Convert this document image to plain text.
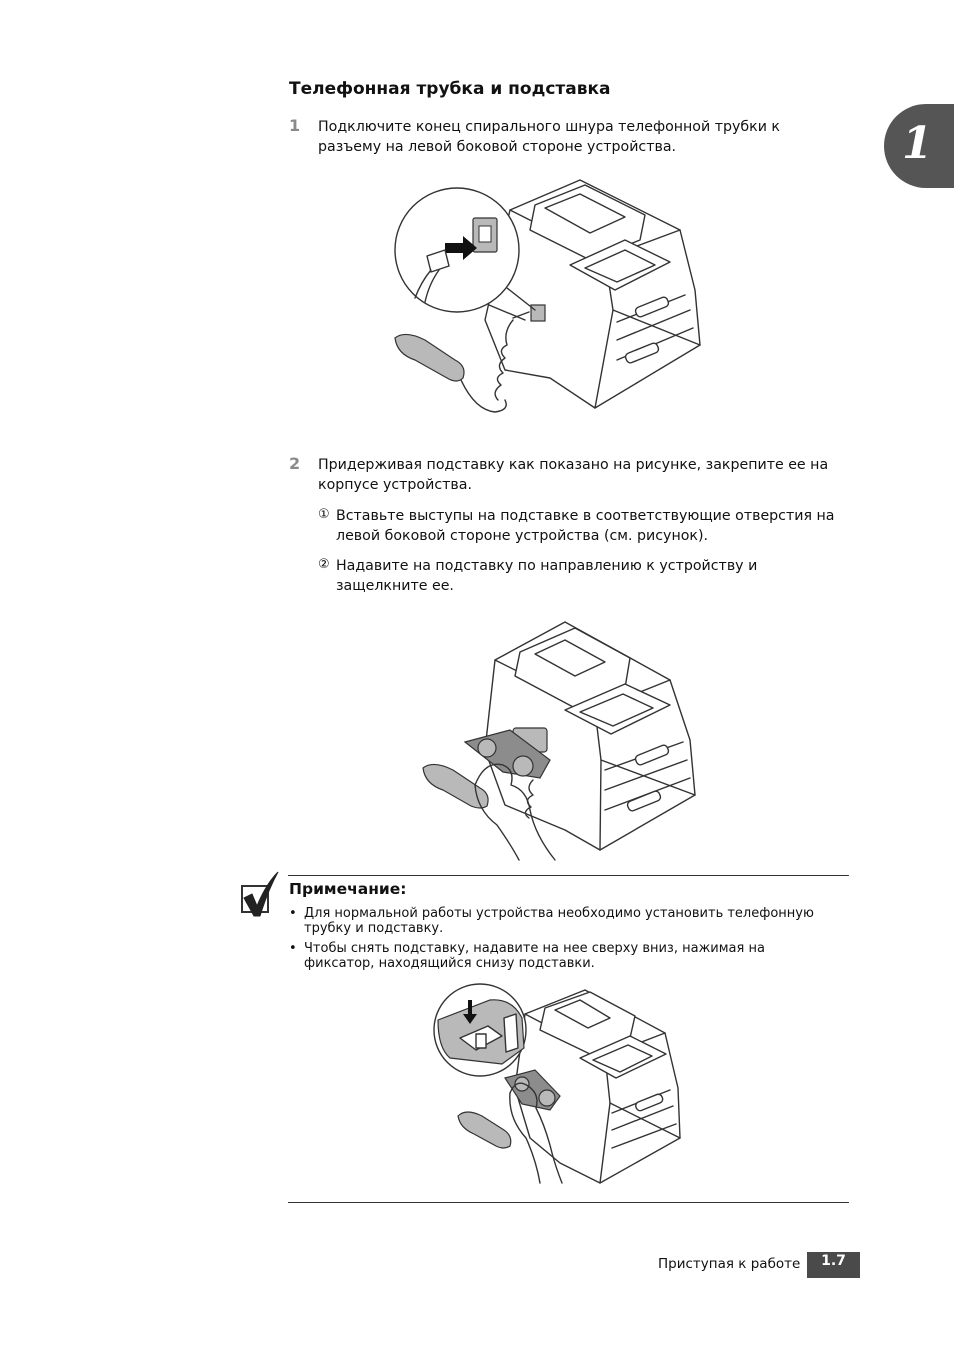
1
Телефонная трубка и подставка
1 Подключите конец спирального шнура телефонной трубки к
разъему на левой боковой стороне устройства.
2 Придерживая подставку как показано на рисунке, закрепите ее на
корпусе устройства.
① Вставьте выступы на подставке в соответствующие отверстия на
левой боковой стороне устройства (см. рисунок).
② Надавите на подставку по направлению к устройству и
защелкните ее.
Примечание:
• Для нормальной работы устройства необходимо установить телефонную
трубку и подставку.
• Чтобы снять подставку, надавите на нее сверху вниз, нажимая на
фиксатор, находящийся снизу подставки.
Приступая к работе	1.7
